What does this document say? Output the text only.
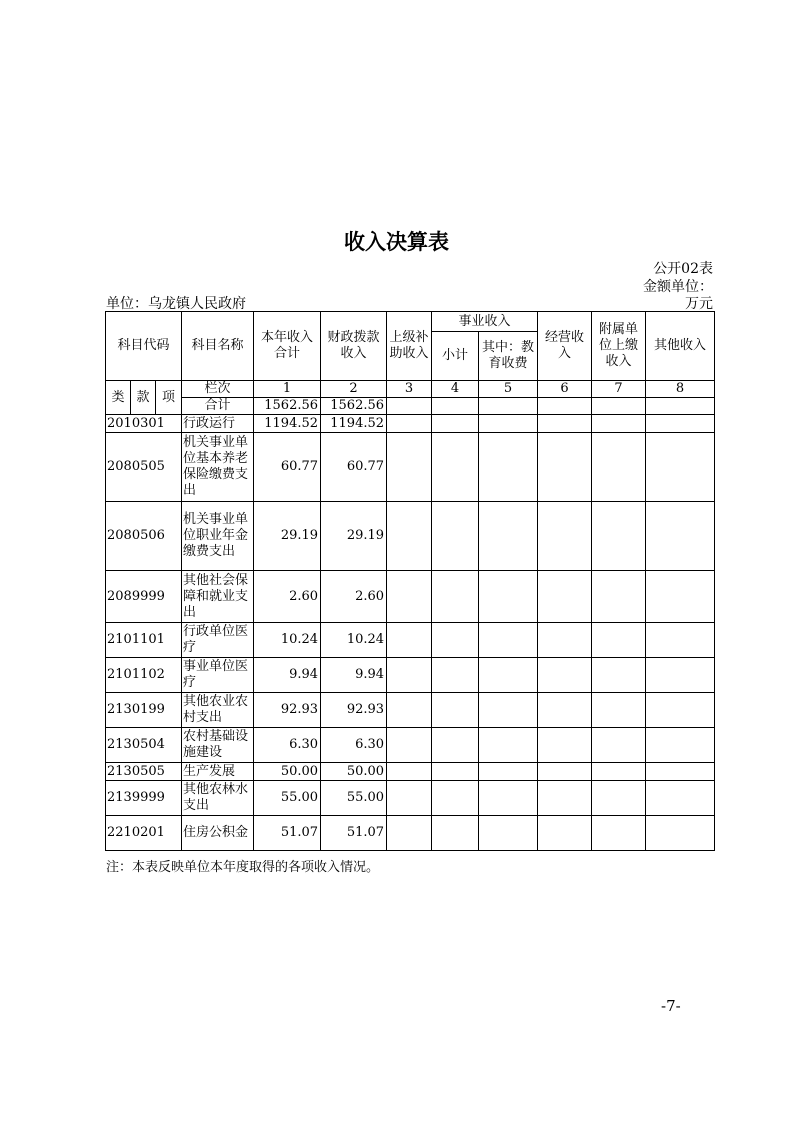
收入决算表
公开02表
金额单位：
万元
单位：乌龙镇人民政府
科目代码			科目名称	本年收入合计	财政拨款收入	上级补助收入	事业收入		经营收入	附属单位上缴收入	其他收入
							小计	其中：教育收费			
类	款	项	栏次	1	2	3	4	5	6	7	8
			合计	1562.56	1562.56						
2010301			行政运行	1194.52	1194.52						
2080505			机关事业单位基本养老保险缴费支出	60.77	60.77						
2080506			机关事业单位职业年金缴费支出	29.19	29.19						
2089999			其他社会保障和就业支出	2.60	2.60						
2101101			行政单位医疗	10.24	10.24						
2101102			事业单位医疗	9.94	9.94						
2130199			其他农业农村支出	92.93	92.93						
2130504			农村基础设施建设	6.30	6.30						
2130505			生产发展	50.00	50.00						
2139999			其他农林水支出	55.00	55.00						
2210201			住房公积金	51.07	51.07						
注：本表反映单位本年度取得的各项收入情况。
-7-
